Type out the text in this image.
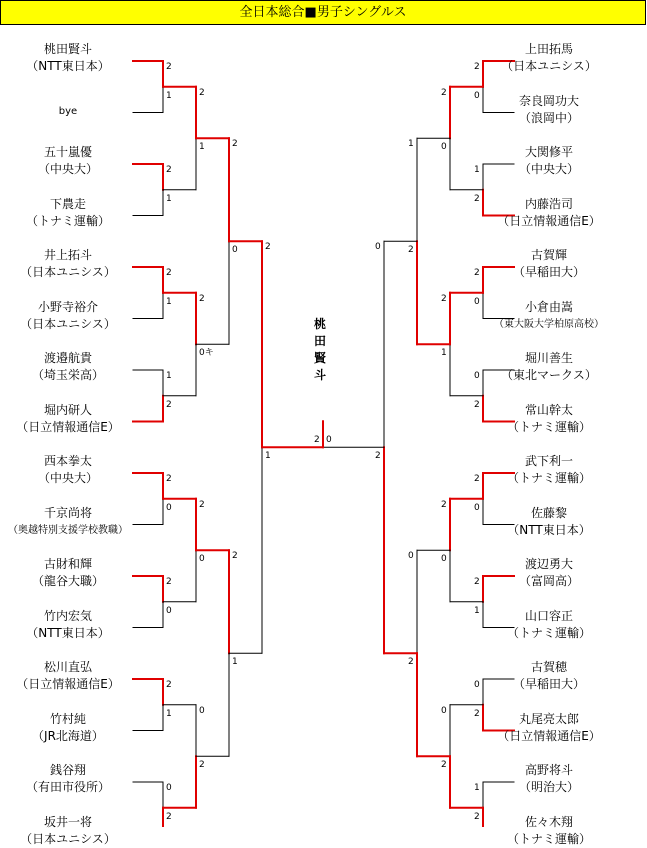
全日本総合■男子シングルス
桃田賢斗
（NTT東日本）
bye
五十嵐優
（中央大）
下農走
（トナミ運輸）
井上拓斗
（日本ユニシス）
小野寺裕介
（日本ユニシス）
渡邉航貴
（埼玉栄高）
堀内研人
（日立情報通信E）
西本拳太
（中央大）
千京尚将
（奥越特別支援学校教職）
古財和輝
（龍谷大職）
竹内宏気
（NTT東日本）
松川直弘
（日立情報通信E）
竹村純
（JR北海道）
銭谷翔
（有田市役所）
坂井一将
（日本ユニシス）
上田拓馬
（日本ユニシス）
奈良岡功大
（浪岡中）
大関修平
（中央大）
内藤浩司
（日立情報通信E）
古賀輝
（早稲田大）
小倉由嵩
（東大阪大学柏原高校）
堀川善生
（東北マークス）
常山幹太
（トナミ運輸）
武下利一
（トナミ運輸）
佐藤黎
（NTT東日本）
渡辺勇大
（富岡高）
山口容正
（トナミ運輸）
古賀穂
（早稲田大）
丸尾亮太郎
（日立情報通信E）
高野将斗
（明治大）
佐々木翔
（トナミ運輸）
2
1
2
1
2
1
1
2
2
0
2
0
2
1
0
2
2
1
2
0キ
2
0
0
2
2
0
2
1
2
1
2
0
1
2
2
0
0
2
2
0
2
1
0
2
1
2
2
0
2
1
2
0
0
2
1
2
0
2
0
2
2 0
桃
田
賢
斗
